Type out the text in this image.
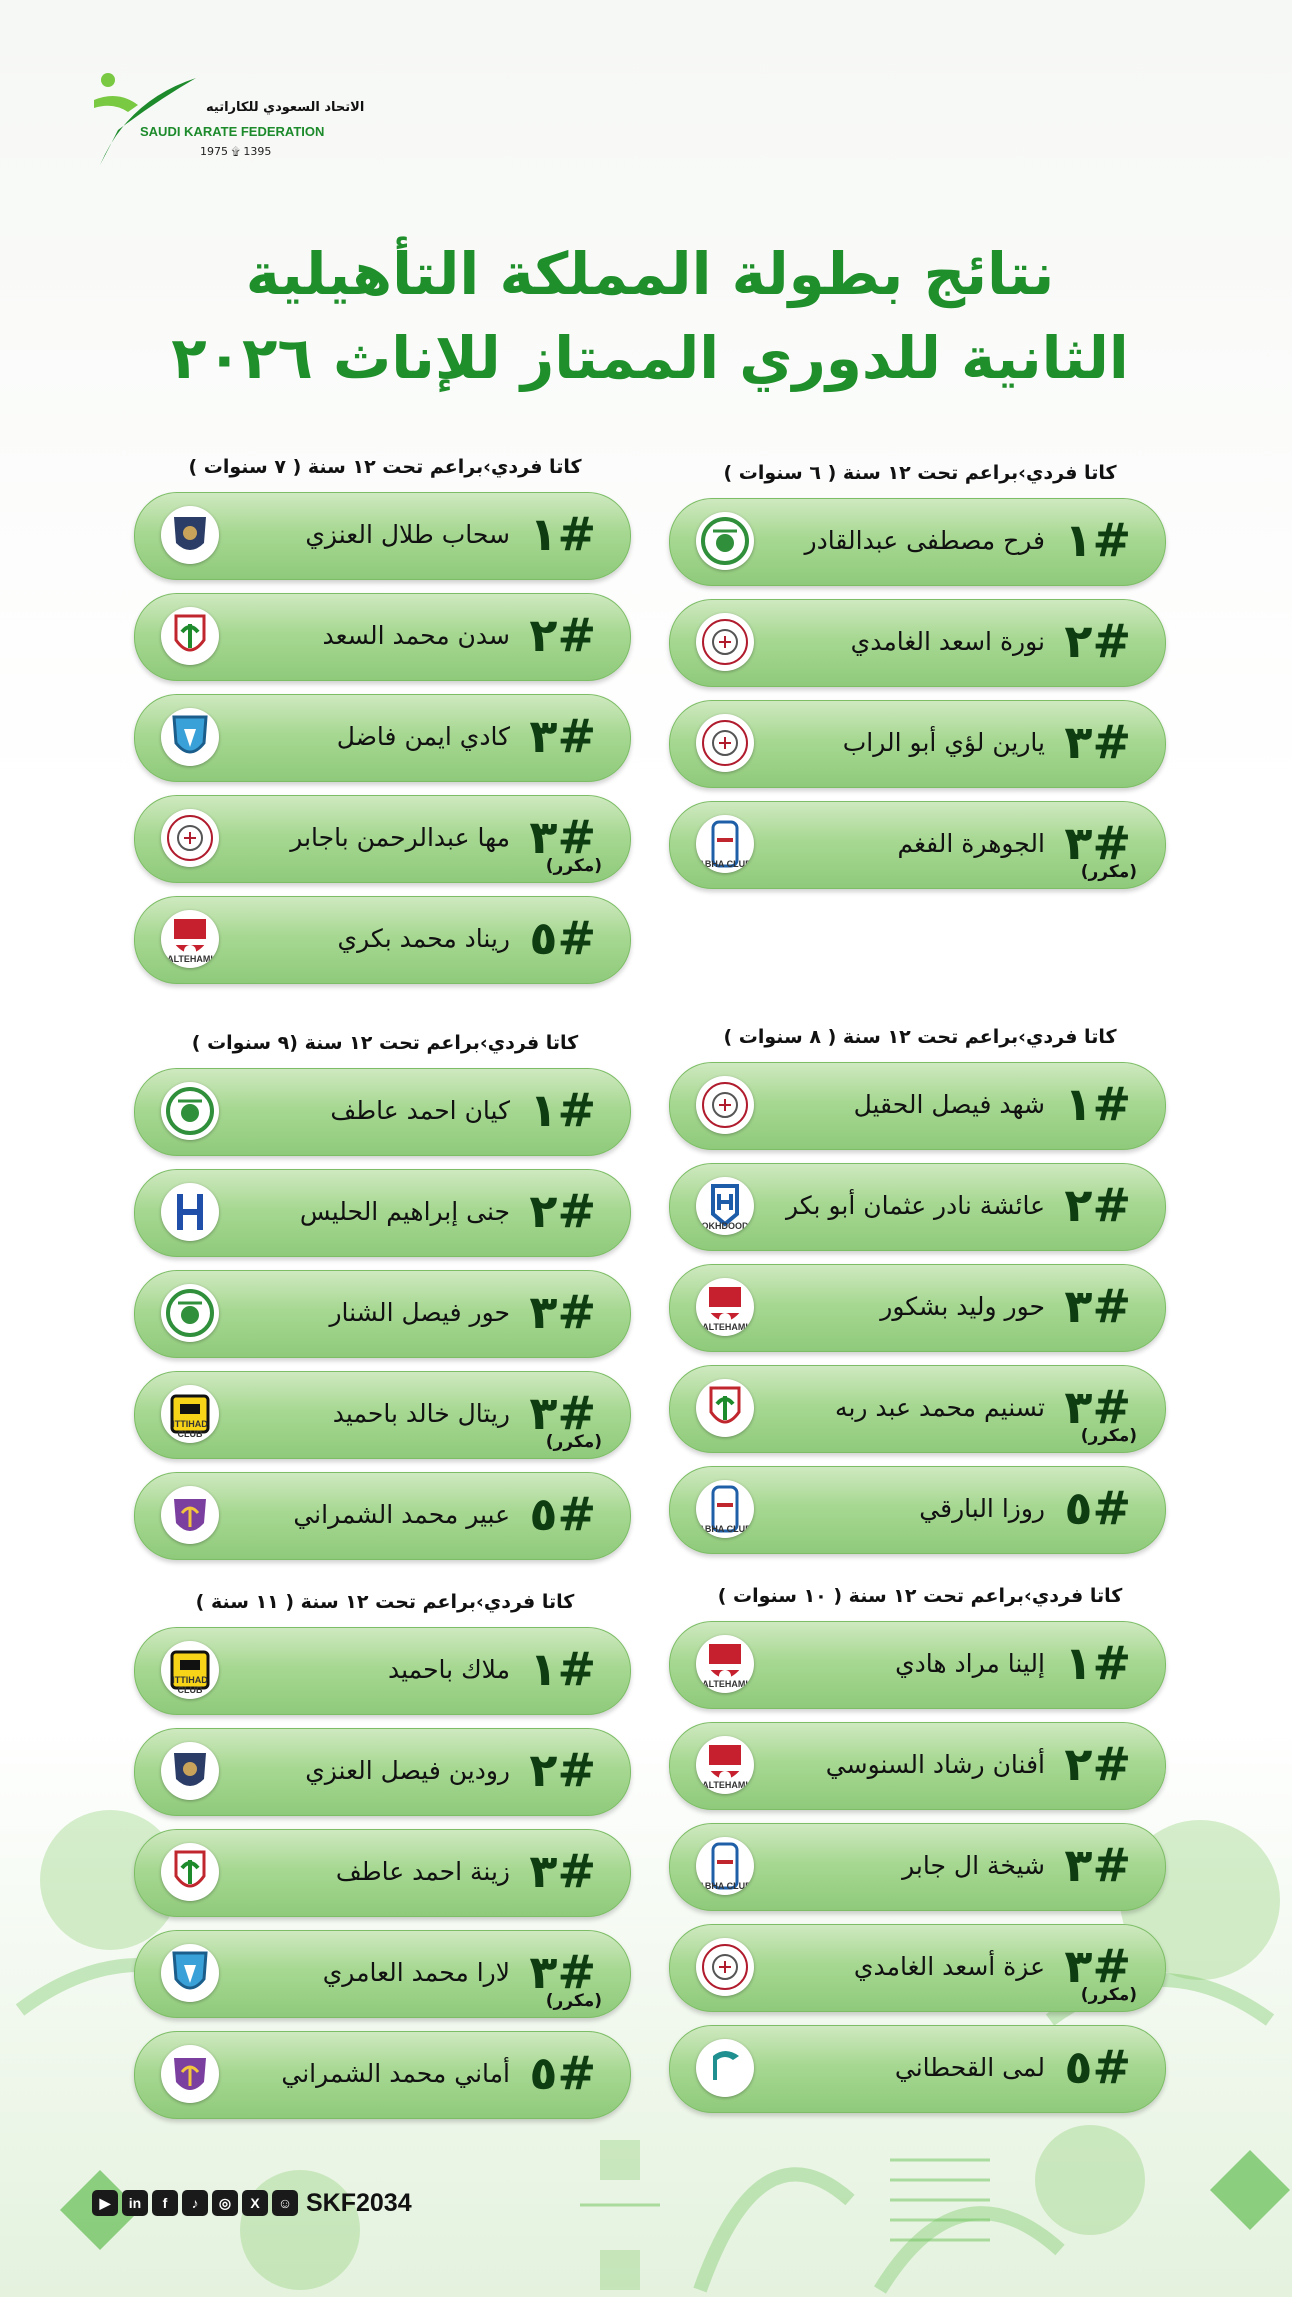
الاتحاد السعودي للكاراتيه
SAUDI KARATE FEDERATION
1975 ۩ 1395
نتائج بطولة المملكة التأهيلية
الثانية للدوري الممتاز للإناث ٢٠٢٦
كاتا فردي›براعم تحت ١٢ سنة ( ٦ سنوات )
#١
فرح مصطفى عبدالقادر
#٢
نورة اسعد الغامدي
#٣
يارين لؤي أبو الراب
#٣
الجوهرة الفغم
(مكرر)
ABHA CLUB
كاتا فردي›براعم تحت ١٢ سنة ( ٧ سنوات )
#١
سحاب طلال العنزي
#٢
سدن محمد السعد
#٣
كادي ايمن فاضل
#٣
مها عبدالرحمن باجابر
(مكرر)
#٥
ريناد محمد بكري
ALTEHAMI
كاتا فردي›براعم تحت ١٢ سنة ( ٨ سنوات )
#١
شهد فيصل الحقيل
#٢
عائشة نادر عثمان أبو بكر
OKHDOOD
#٣
حور وليد بشكور
ALTEHAMI
#٣
تسنيم محمد عبد ربه
(مكرر)
#٥
روزا البارقي
ABHA CLUB
كاتا فردي›براعم تحت ١٢ سنة (٩ سنوات )
#١
كيان احمد عاطف
#٢
جنى إبراهيم الحليس
#٣
حور فيصل الشنار
#٣
ريتال خالد باحميد
(مكرر)
ITTIHAD CLUB
#٥
عبير محمد الشمراني
كاتا فردي›براعم تحت ١٢ سنة ( ١٠ سنوات )
#١
إلينا مراد هادي
ALTEHAMI
#٢
أفنان رشاد السنوسي
ALTEHAMI
#٣
شيخة ال جابر
ABHA CLUB
#٣
عزة أسعد الغامدي
(مكرر)
#٥
لمى القحطاني
كاتا فردي›براعم تحت ١٢ سنة ( ١١ سنة )
#١
ملاك باحميد
ITTIHAD CLUB
#٢
رودين فيصل العنزي
#٣
زينة احمد عاطف
#٣
لارا محمد العامري
(مكرر)
#٥
أماني محمد الشمراني
▶	in	f	♪	◎	X	☺ SKF2034
